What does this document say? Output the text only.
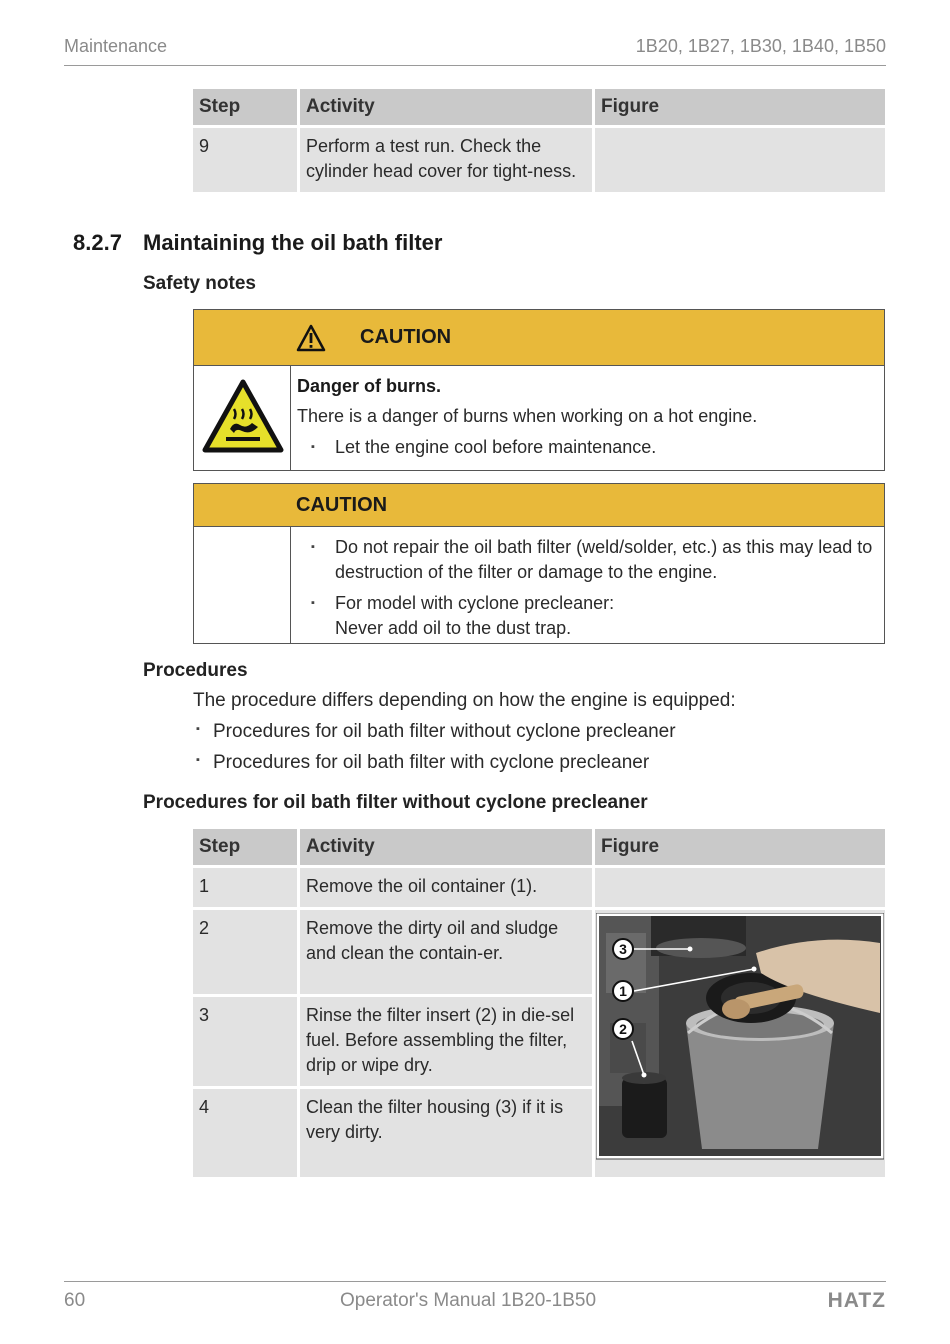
Maintenance	1B20, 1B27, 1B30, 1B40, 1B50
Step	Activity	Figure
9	Perform a test run. Check the cylinder head cover for tight-ness.	
8.2.7 Maintaining the oil bath filter
Safety notes
CAUTION
Danger of burns.
There is a danger of burns when working on a hot engine.
▪ Let the engine cool before maintenance.
CAUTION
▪ Do not repair the oil bath filter (weld/solder, etc.) as this may lead to destruction of the filter or damage to the engine.
▪ For model with cyclone precleaner:
Never add oil to the dust trap.
Procedures
The procedure differs depending on how the engine is equipped:
▪ Procedures for oil bath filter without cyclone precleaner
▪ Procedures for oil bath filter with cyclone precleaner
Procedures for oil bath filter without cyclone precleaner
Step	Activity	Figure
1	Remove the oil container (1).	
2	Remove the dirty oil and sludge and clean the contain-er.	3
1
2

3	Rinse the filter insert (2) in die-sel fuel. Before assembling the filter, drip or wipe dry.	
4	Clean the filter housing (3) if it is very dirty.	
60	Operator's Manual 1B20-1B50	HATZ
